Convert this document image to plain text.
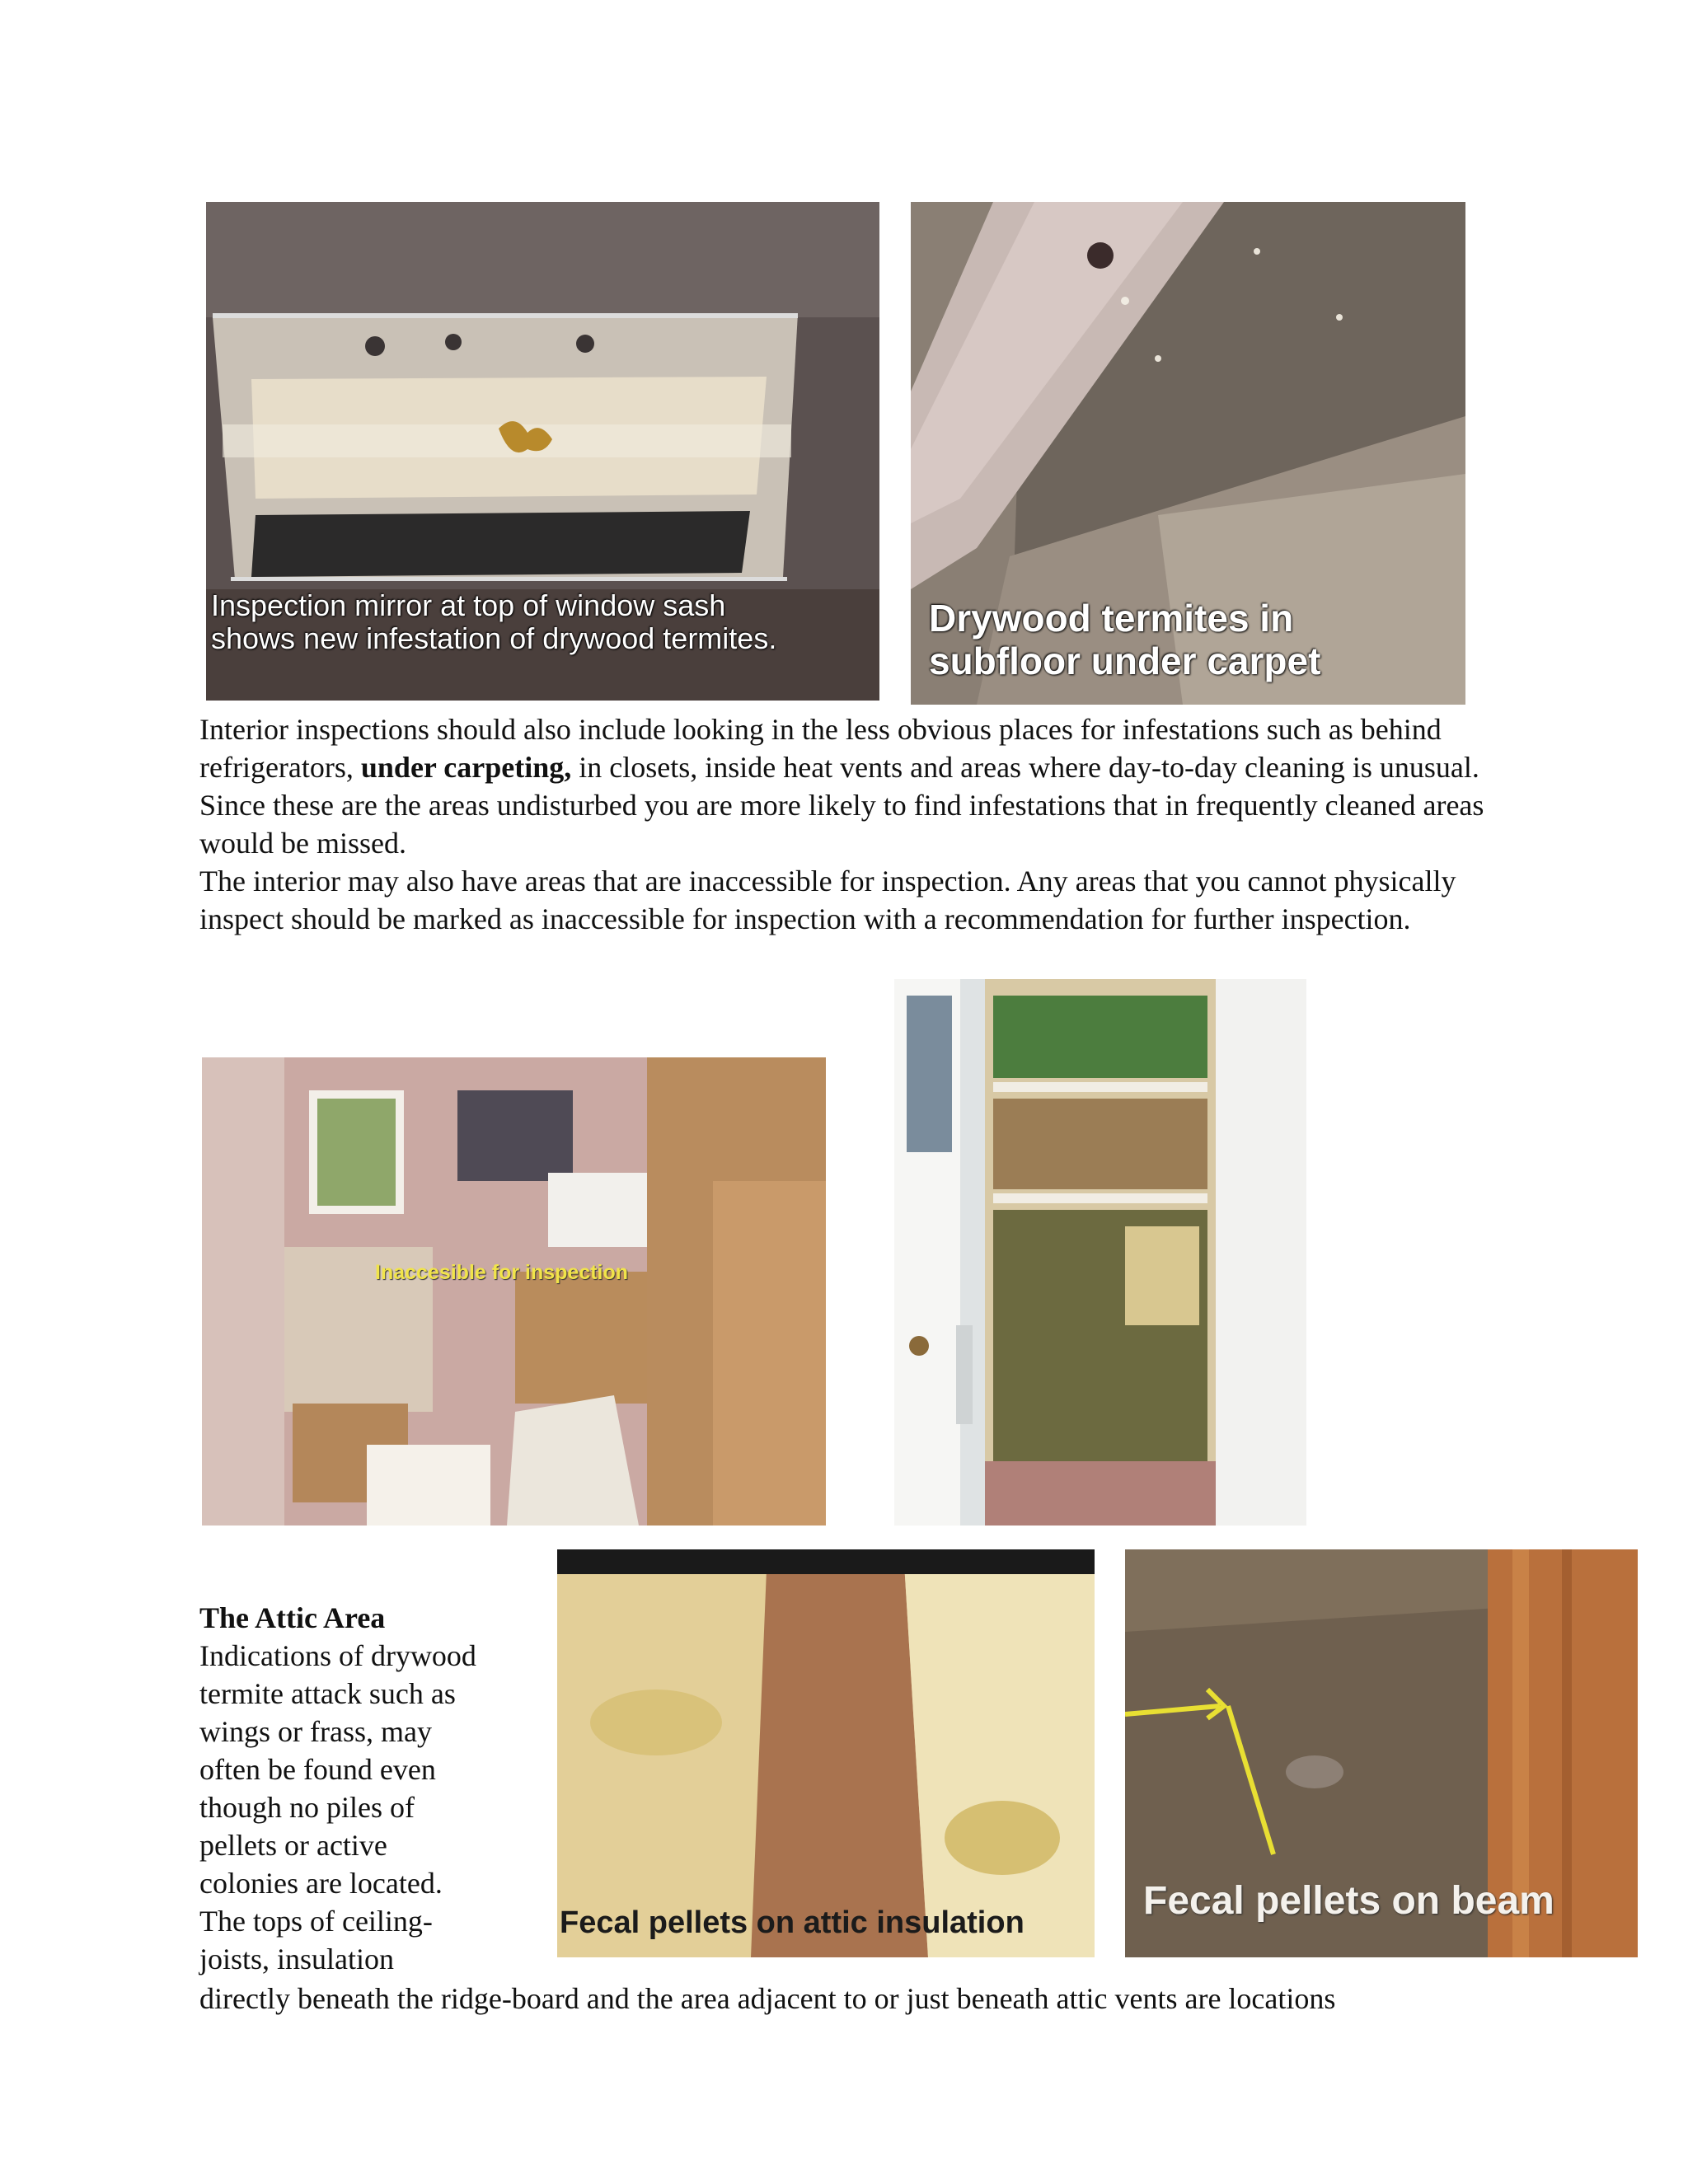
Inspection mirror at top of window sash
shows new infestation of drywood termites.	Drywood termites in
subfloor under carpet

Interior inspections should also include looking in the less obvious places for infestations such as behind refrigerators, under carpeting, in closets, inside heat vents and areas where day-to-day cleaning is unusual. Since these are the areas undisturbed you are more likely to find infestations that in frequently cleaned areas would be missed.

The interior may also have areas that are inaccessible for inspection. Any areas that you cannot physically inspect should be marked as inaccessible for inspection with a recommendation for further inspection.

Inaccesible for inspection
The Attic Area
Indications of drywood
termite attack such as
wings or frass, may
often be found even
though no piles of
pellets or active
colonies are located.
The tops of ceiling-
joists, insulation
Fecal pellets on attic insulation	Fecal pellets on beam

directly beneath the ridge-board and the area adjacent to or just beneath attic vents are locations
